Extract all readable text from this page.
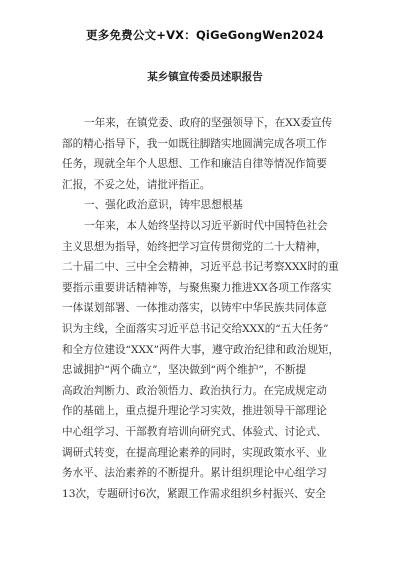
更多免费公文+VX：QiGeGongWen2024
某乡镇宣传委员述职报告
一年来，在镇党委、政府的坚强领导下，在XX委宣传
部的精心指导下，我一如既往脚踏实地圆满完成各项工作
任务，现就全年个人思想、工作和廉洁自律等情况作简要
汇报，不妥之处，请批评指正。
一、强化政治意识，铸牢思想根基
一年来，本人始终坚持以习近平新时代中国特色社会
主义思想为指导，始终把学习宣传贯彻党的二十大精神，
二十届二中、三中全会精神，习近平总书记考察XXX时的重
要指示重要讲话精神等，与聚焦聚力推进XX各项工作落实
一体谋划部署、一体推动落实，以铸牢中华民族共同体意
识为主线，全面落实习近平总书记交给XXX的“五大任务”
和全方位建设“XXX”两件大事，遵守政治纪律和政治规矩，
忠诚拥护“两个确立”，坚决做到“两个维护”，不断提
高政治判断力、政治领悟力、政治执行力。在完成规定动
作的基础上，重点提升理论学习实效，推进领导干部理论
中心组学习、干部教育培训向研究式、体验式、讨论式、
调研式转变，在提高理论素养的同时，实现政策水平、业
务水平、法治素养的不断提升。累计组织理论中心组学习
13次，专题研讨6次，紧跟工作需求组织乡村振兴、安全
